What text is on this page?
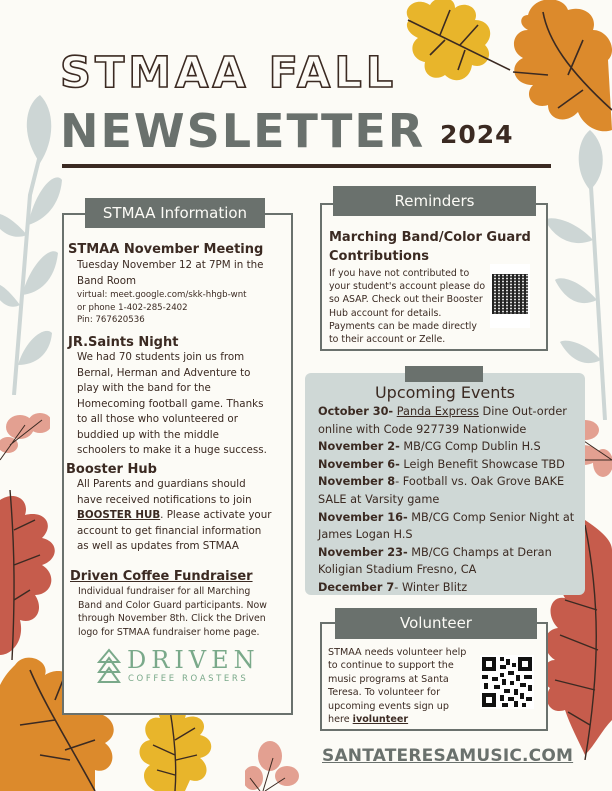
STMAA FALL
NEWSLETTER 2024
STMAA Information
STMAA November Meeting
Tuesday November 12 at 7PM in the
Band Room
virtual: meet.google.com/skk-hhgb-wnt
or phone 1-402-285-2402
Pin: 767620536
JR.Saints Night
We had 70 students join us from
Bernal, Herman and Adventure to
play with the band for the
Homecoming football game. Thanks
to all those who volunteered or
buddied up with the middle
schoolers to make it a huge success.
Booster Hub
All Parents and guardians should
have received notifications to join
BOOSTER HUB. Please activate your
account to get financial information
as well as updates from STMAA
Driven Coffee Fundraiser
Individual fundraiser for all Marching
Band and Color Guard participants. Now
through November 8th. Click the Driven
logo for STMAA fundraiser home page.
DRIVEN
COFFEE ROASTERS
Reminders
Marching Band/Color Guard
Contributions
If you have not contributed to
your student's account please do
so ASAP. Check out their Booster
Hub account for details.
Payments can be made directly
to their account or Zelle.
Upcoming Events
October 30- Panda Express Dine Out-order online with Code 927739 Nationwide
November 2- MB/CG Comp Dublin H.S
November 6- Leigh Benefit Showcase TBD
November 8- Football vs. Oak Grove BAKE SALE at Varsity game
November 16- MB/CG Comp Senior Night at James Logan H.S
November 23- MB/CG Champs at Deran Koligian Stadium Fresno, CA
December 7- Winter Blitz
Volunteer
STMAA needs volunteer help
to continue to support the
music programs at Santa
Teresa. To volunteer for
upcoming events sign up
here ivolunteer
SANTATERESAMUSIC.COM
